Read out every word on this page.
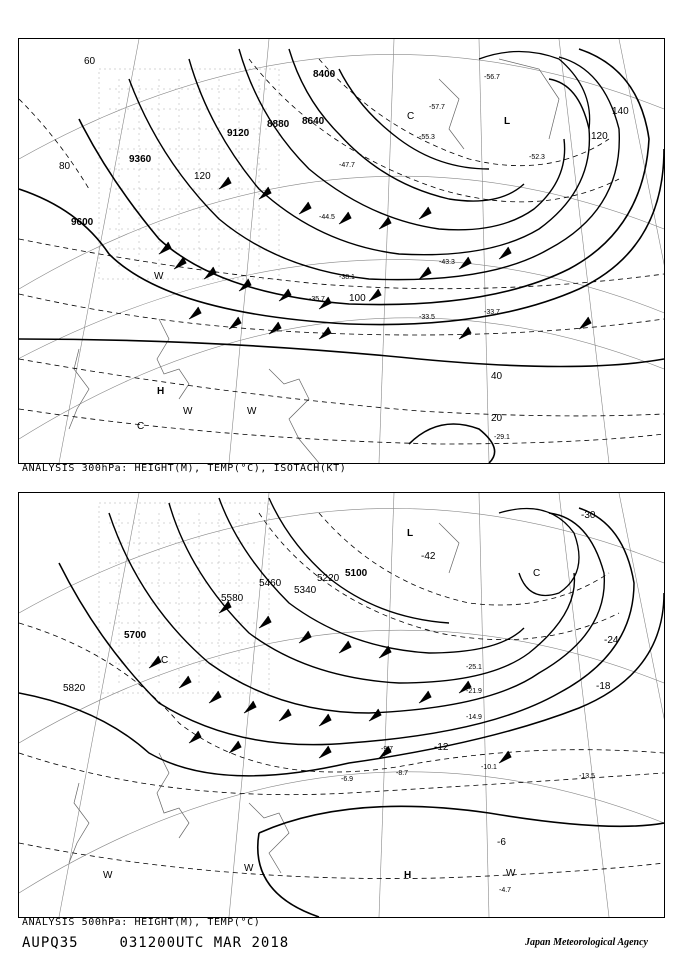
9600
9360
9120
8880 8640
8400
60
80
100
120
140
40
20
120
-33.5
-33.7
-35.7
-38.1
-43.3
-44.5
-47.7
-52.3
-55.3
-57.7
-56.7
-29.1
H
L
W
C
W	W
C
ANALYSIS 300hPa: HEIGHT(M), TEMP(°C), ISOTACH(KT)
5820
5700
5580
5460
5340
5220 5100
-6
-12
-18
-24
-30
-42
-10.1
-13.5
-25.1
-21.9
-14.9
-9.7
-8.7
-6.9
-4.7
H
L
C
C
W
W	W
ANALYSIS 500hPa: HEIGHT(M), TEMP(°C)
AUPQ35	031200UTC MAR 2018	Japan Meteorological Agency
